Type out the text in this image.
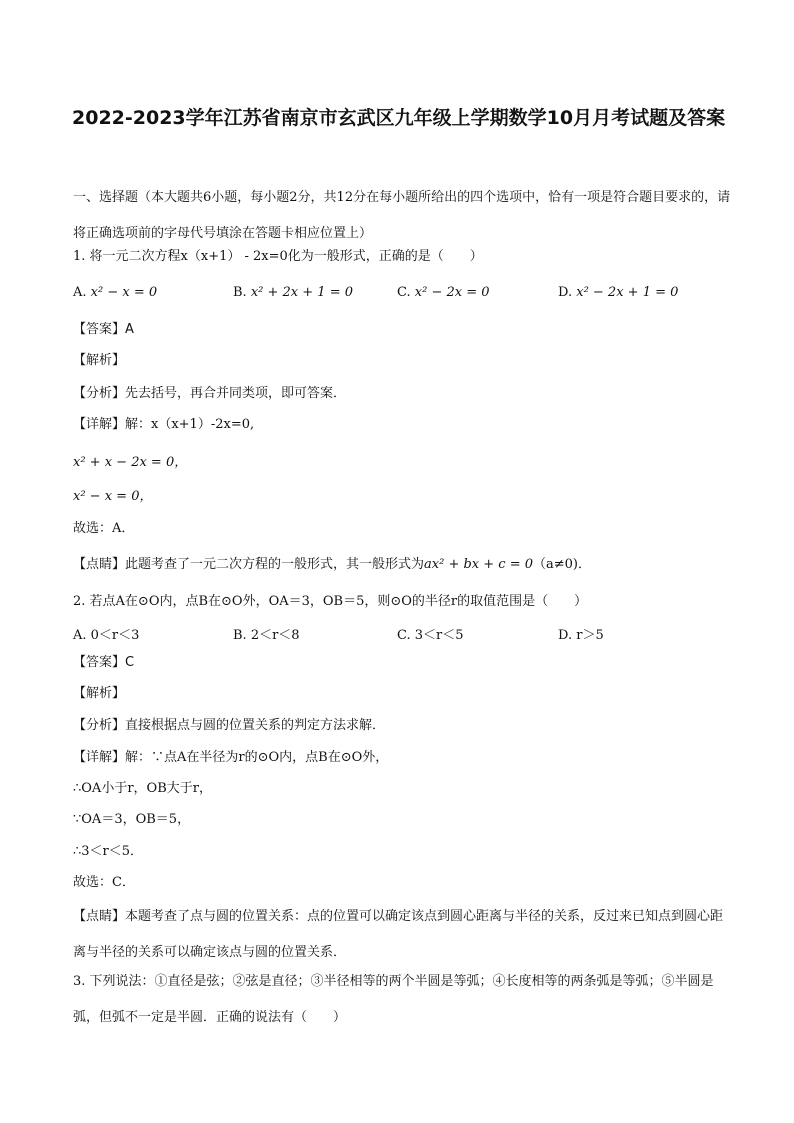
2022-2023学年江苏省南京市玄武区九年级上学期数学10月月考试题及答案
一、选择题（本大题共6小题，每小题2分，共12分在每小题所给出的四个选项中，恰有一项是符合题目要求的，请将正确选项前的字母代号填涂在答题卡相应位置上）
1. 将一元二次方程x（x+1） - 2x=0化为一般形式，正确的是（　　）
A. x² − x = 0	B. x² + 2x + 1 = 0	C. x² − 2x = 0	D. x² − 2x + 1 = 0
【答案】A
【解析】
【分析】先去括号，再合并同类项，即可答案．
【详解】解：x（x+1）-2x=0,
x² + x − 2x = 0，
x² − x = 0，
故选：A．
【点睛】此题考查了一元二次方程的一般形式，其一般形式为ax² + bx + c = 0（a≠0)．
2. 若点A在⊙O内，点B在⊙O外，OA＝3，OB＝5，则⊙O的半径r的取值范围是（　　）
A. 0＜r＜3	B. 2＜r＜8	C. 3＜r＜5	D. r＞5
【答案】C
【解析】
【分析】直接根据点与圆的位置关系的判定方法求解．
【详解】解：∵点A在半径为r的⊙O内，点B在⊙O外，
∴OA小于r，OB大于r，
∵OA＝3，OB＝5，
∴3＜r＜5．
故选：C．
【点睛】本题考查了点与圆的位置关系：点的位置可以确定该点到圆心距离与半径的关系，反过来已知点到圆心距离与半径的关系可以确定该点与圆的位置关系．
3. 下列说法：①直径是弦；②弦是直径；③半径相等的两个半圆是等弧；④长度相等的两条弧是等弧；⑤半圆是弧，但弧不一定是半圆．正确的说法有（　　）
